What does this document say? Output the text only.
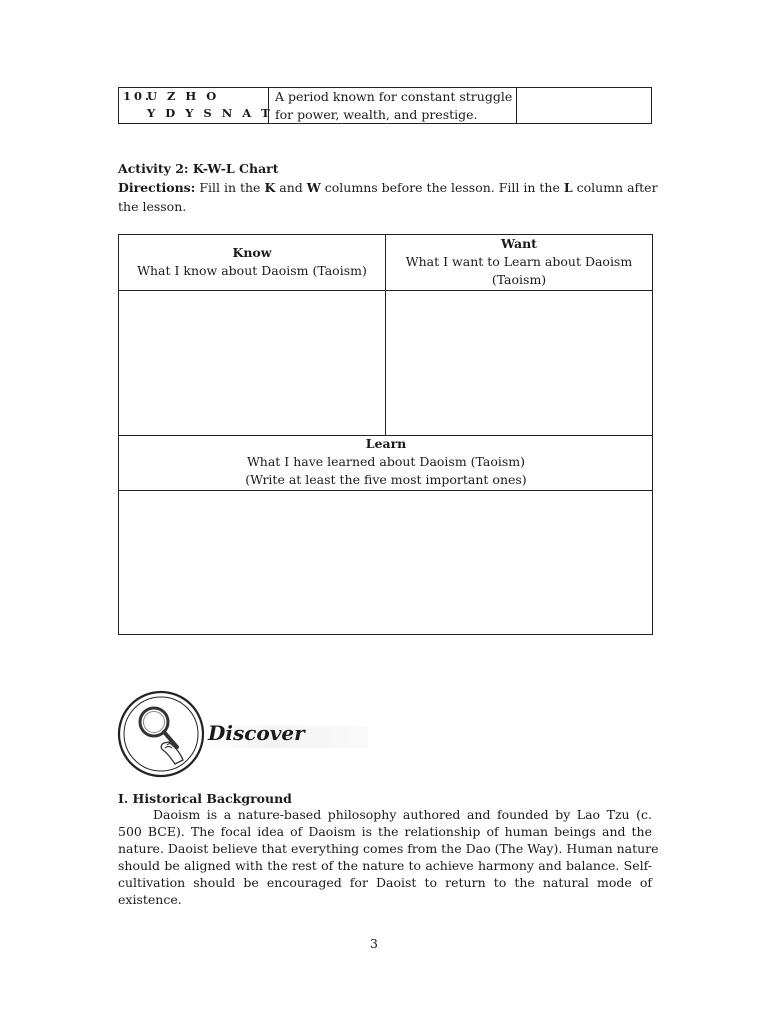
10.
U Z H O
Y D Y S N A T
A period known for constant struggle
for power, wealth, and prestige.
Activity 2: K-W-L Chart
Directions: Fill in the K and W columns before the lesson. Fill in the L column after
the lesson.
Know
What I know about Daoism (Taoism)
Want
What I want to Learn about Daoism
(Taoism)
Learn
What I have learned about Daoism (Taoism)
(Write at least the five most important ones)
Discover
I. Historical Background
Daoism is a nature-based philosophy authored and founded by Lao Tzu (c.
500 BCE). The focal idea of Daoism is the relationship of human beings and the
nature. Daoist believe that everything comes from the Dao (The Way). Human nature
should be aligned with the rest of the nature to achieve harmony and balance. Self-
cultivation should be encouraged for Daoist to return to the natural mode of
existence.
3
